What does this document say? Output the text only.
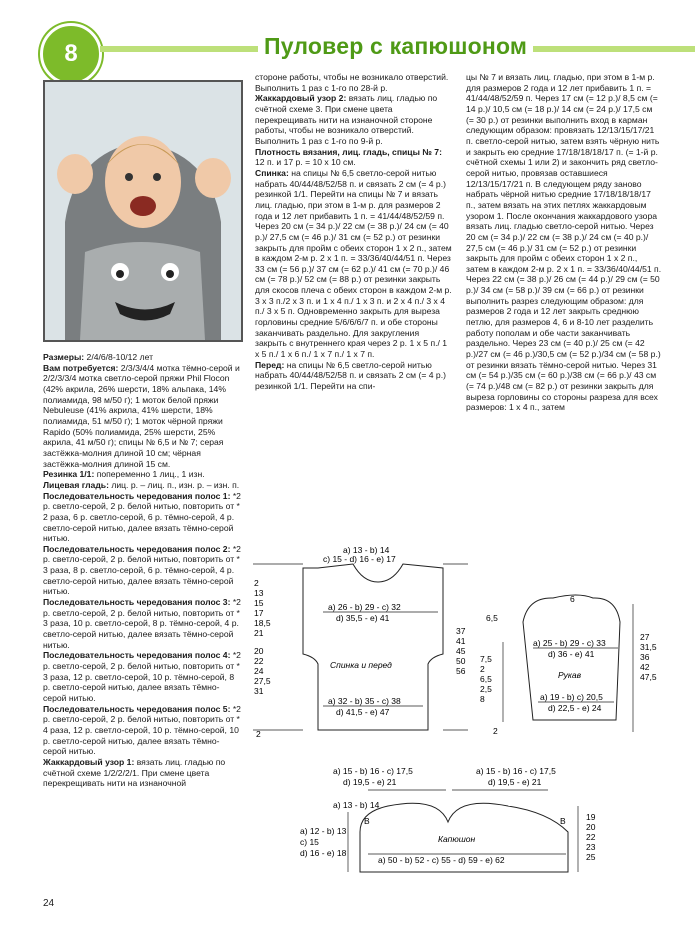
8	Пуловер с капюшоном

Размеры: 2/4/6/8-10/12 лет

Вам потребуется: 2/3/3/4/4 мотка тёмно-серой и 2/2/3/3/4 мотка светло-серой пряжи Phil Flocon (42% акрила, 26% шерсти, 18% альпака, 14% полиамида, 98 м/50 г); 1 моток белой пряжи Nebuleuse (41% акрила, 41% шерсти, 18% полиамида, 51 м/50 г); 1 моток чёрной пряжи Rapido (50% полиамида, 25% шерсти, 25% акрила, 41 м/50 г); спицы № 6,5 и № 7; серая застёжка-молния длиной 10 см; чёрная застёжка-молния длиной 15 см.

Резинка 1/1: попеременно 1 лиц., 1 изн.

Лицевая гладь: лиц. р. – лиц. п., изн. р. – изн. п.

Последовательность чередования полос 1: *2 р. светло-серой, 2 р. белой нитью, повторить от * 2 раза, 6 р. светло-серой, 6 р. тёмно-серой, 4 р. светло-серой нитью, далее вязать тёмно-серой нитью.

Последовательность чередования полос 2: *2 р. светло-серой, 2 р. белой нитью, повторить от * 3 раза, 8 р. светло-серой, 6 р. тёмно-серой, 4 р. светло-серой нитью, далее вязать тёмно-серой нитью.

Последовательность чередования полос 3: *2 р. светло-серой, 2 р. белой нитью, повторить от * 3 раза, 10 р. светло-серой, 8 р. тёмно-серой, 4 р. светло-серой нитью, далее вязать тёмно-серой нитью.

Последовательность чередования полос 4: *2 р. светло-серой, 2 р. белой нитью, повторить от * 3 раза, 12 р. светло-серой, 10 р. тёмно-серой, 8 р. светло-серой нитью, далее вязать тёмно-серой нитью.

Последовательность чередования полос 5: *2 р. светло-серой, 2 р. белой нитью, повторить от * 4 раза, 12 р. светло-серой, 10 р. тёмно-серой, 10 р. светло-серой нитью, далее вязать тёмно-серой нитью.

Жаккардовый узор 1: вязать лиц. гладью по счётной схеме 1/2/2/2/1. При смене цвета перекрещивать нити на изнаночной

стороне работы, чтобы не возникало отверстий. Выполнить 1 раз с 1-го по 28-й р.

Жаккардовый узор 2: вязать лиц. гладью по счётной схеме 3. При смене цвета перекрещивать нити на изнаночной стороне работы, чтобы не возникало отверстий. Выполнить 1 раз с 1-го по 9-й р.

Плотность вязания, лиц. гладь, спицы № 7: 12 п. и 17 р. = 10 х 10 см.

Спинка: на спицы № 6,5 светло-серой нитью набрать 40/44/48/52/58 п. и связать 2 см (= 4 р.) резинкой 1/1. Перейти на спицы № 7 и вязать лиц. гладью, при этом в 1-м р. для размеров 2 года и 12 лет прибавить 1 п. = 41/44/48/52/59 п. Через 20 см (= 34 р.)/ 22 см (= 38 р.)/ 24 см (= 40 р.)/ 27,5 см (= 46 р.)/ 31 см (= 52 р.) от резинки закрыть для пройм с обеих сторон 1 х 2 п., затем в каждом 2-м р. 2 х 1 п. = 33/36/40/44/51 п. Через 33 см (= 56 р.)/ 37 см (= 62 р.)/ 41 см (= 70 р.)/ 46 см (= 78 р.)/ 52 см (= 88 р.) от резинки закрыть для скосов плеча с обеих сторон в каждом 2-м р. 3 х 3 п./2 х 3 п. и 1 х 4 п./ 1 х 3 п. и 2 х 4 п./ 3 х 4 п./ 3 х 5 п. Одновременно закрыть для выреза горловины средние 5/6/6/6/7 п. и обе стороны заканчивать раздельно. Для закругления закрыть с внутреннего края через 2 р. 1 х 5 п./ 1 х 5 п./ 1 х 6 п./ 1 х 7 п./ 1 х 7 п.

Перед: на спицы № 6,5 светло-серой нитью набрать 40/44/48/52/58 п. и связать 2 см (= 4 р.) резинкой 1/1. Перейти на спи-

цы № 7 и вязать лиц. гладью, при этом в 1-м р. для размеров 2 года и 12 лет прибавить 1 п. = 41/44/48/52/59 п. Через 17 см (= 12 р.)/ 8,5 см (= 14 р.)/ 10,5 см (= 18 р.)/ 14 см (= 24 р.)/ 17,5 см (= 30 р.) от резинки выполнить вход в карман следующим образом: провязать 12/13/15/17/21 п. светло-серой нитью, затем взять чёрную нить и закрыть ею средние 17/18/18/18/17 п. (= 1-й р. счётной схемы 1 или 2) и закончить ряд светло-серой нитью, провязав оставшиеся 12/13/15/17/21 п. В следующем ряду заново набрать чёрной нитью средние 17/18/18/18/17 п., затем вязать на этих петлях жаккардовым узором 1. После окончания жаккардового узора вязать лиц. гладью светло-серой нитью. Через 20 см (= 34 р.)/ 22 см (= 38 р.)/ 24 см (= 40 р.)/ 27,5 см (= 46 р.)/ 31 см (= 52 р.) от резинки закрыть для пройм с обеих сторон 1 х 2 п., затем в каждом 2-м р. 2 х 1 п. = 33/36/40/44/51 п. Через 22 см (= 38 р.)/ 26 см (= 44 р.)/ 29 см (= 50 р.)/ 34 см (= 58 р.)/ 39 см (= 66 р.) от резинки выполнить разрез следующим образом: для размеров 2 года и 12 лет закрыть среднюю петлю, для размеров 4, 6 и 8-10 лет разделить работу пополам и обе части заканчивать раздельно. Через 23 см (= 40 р.)/ 25 см (= 42 р.)/27 см (= 46 р.)/30,5 см (= 52 р.)/34 см (= 58 р.) от резинки вязать тёмно-серой нитью. Через 31 см (= 54 р.)/35 см (= 60 р.)/38 см (= 66 р.)/ 43 см (= 74 р.)/48 см (= 82 р.) от резинки закрыть для выреза горловины со стороны разреза для всех размеров: 1 х 4 п., затем

a) 13 - b) 14
c) 15 - d) 16 - e) 17
a) 26 - b) 29 - c) 32
d) 35,5 - e) 41
Спинка и перед
a) 32 - b) 35 - c) 38
d) 41,5 - e) 47
2
13
15
17
18,5
21
20
22
24
27,5
31
2
37
41
45
50
56
6
6,5
a) 25 - b) 29 - c) 33
d) 36 - e) 41
Рукав
a) 19 - b) c) 20,5
d) 22,5 - e) 24
7,5
2
6,5
2,5
8
27
31,5
36
42
47,5
2
a) 15 - b) 16 - c) 17,5
d) 19,5 - e) 21
a) 15 - b) 16 - c) 17,5
d) 19,5 - e) 21
a) 13 - b) 14
B	B
Капюшон
a) 50 - b) 52 - c) 55 - d) 59 - e) 62
a) 12 - b) 13
c) 15
d) 16 - e) 18
19
20
22
23
25
24
